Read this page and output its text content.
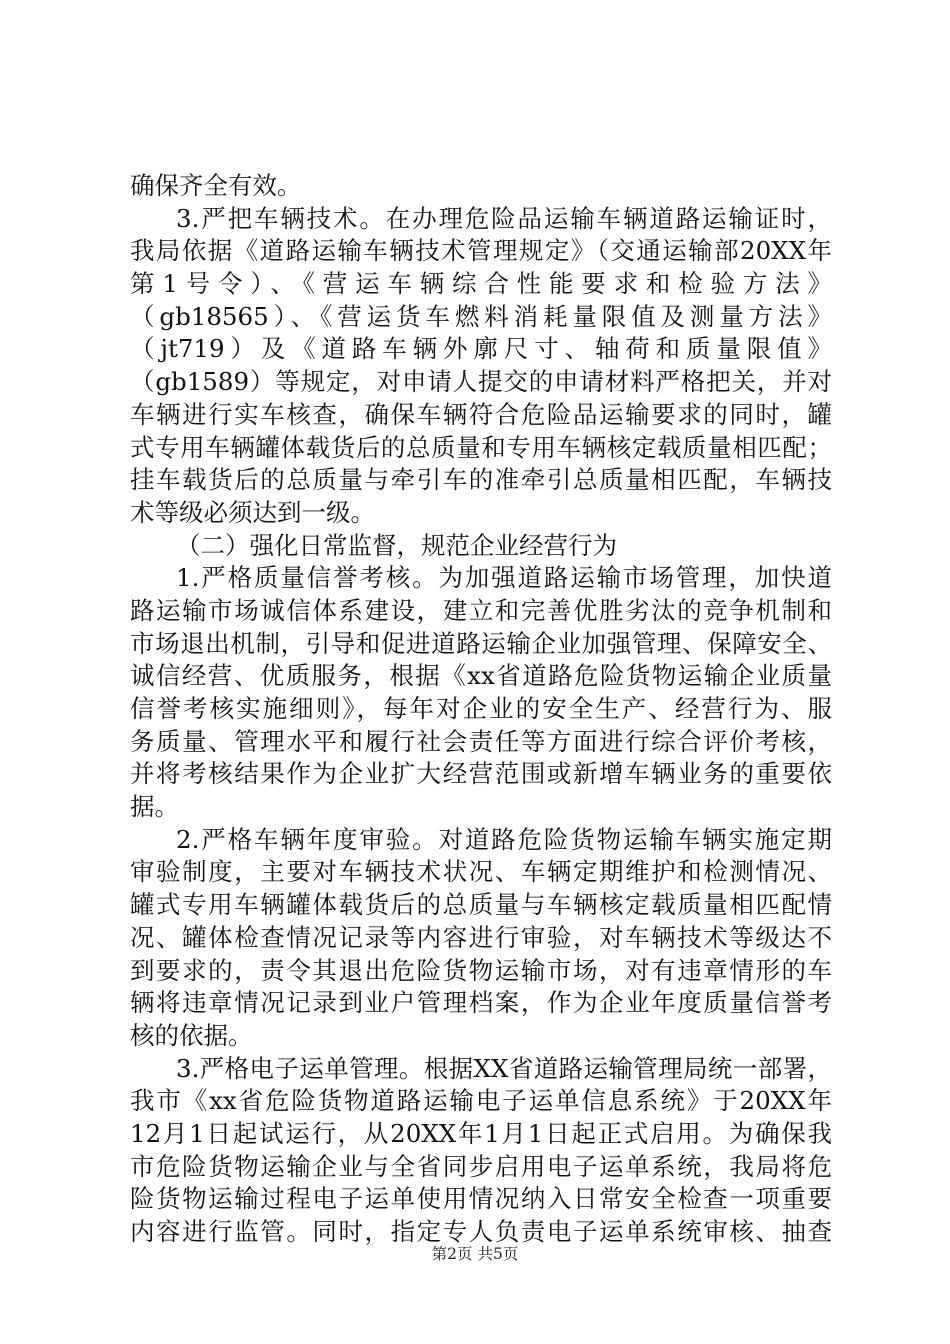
确保齐全有效。
3.严把车辆技术。在办理危险品运输车辆道路运输证时，
我局依据《道路运输车辆技术管理规定》（交通运输部20XX年
第1号令）、《营运车辆综合性能要求和检验方法》
（gb18565）、《营运货车燃料消耗量限值及测量方法》
（jt719）及《道路车辆外廓尺寸、轴荷和质量限值》
（gb1589）等规定，对申请人提交的申请材料严格把关，并对
车辆进行实车核查，确保车辆符合危险品运输要求的同时，罐
式专用车辆罐体载货后的总质量和专用车辆核定载质量相匹配；
挂车载货后的总质量与牵引车的准牵引总质量相匹配，车辆技
术等级必须达到一级。
（二）强化日常监督，规范企业经营行为
1.严格质量信誉考核。为加强道路运输市场管理，加快道
路运输市场诚信体系建设，建立和完善优胜劣汰的竞争机制和
市场退出机制，引导和促进道路运输企业加强管理、保障安全、
诚信经营、优质服务，根据《xx省道路危险货物运输企业质量
信誉考核实施细则》，每年对企业的安全生产、经营行为、服
务质量、管理水平和履行社会责任等方面进行综合评价考核，
并将考核结果作为企业扩大经营范围或新增车辆业务的重要依
据。
2.严格车辆年度审验。对道路危险货物运输车辆实施定期
审验制度，主要对车辆技术状况、车辆定期维护和检测情况、
罐式专用车辆罐体载货后的总质量与车辆核定载质量相匹配情
况、罐体检查情况记录等内容进行审验，对车辆技术等级达不
到要求的，责令其退出危险货物运输市场，对有违章情形的车
辆将违章情况记录到业户管理档案，作为企业年度质量信誉考
核的依据。
3.严格电子运单管理。根据XX省道路运输管理局统一部署，
我市《xx省危险货物道路运输电子运单信息系统》于20XX年
12月1日起试运行，从20XX年1月1日起正式启用。为确保我
市危险货物运输企业与全省同步启用电子运单系统，我局将危
险货物运输过程电子运单使用情况纳入日常安全检查一项重要
内容进行监管。同时，指定专人负责电子运单系统审核、抽查
第2页 共5页
